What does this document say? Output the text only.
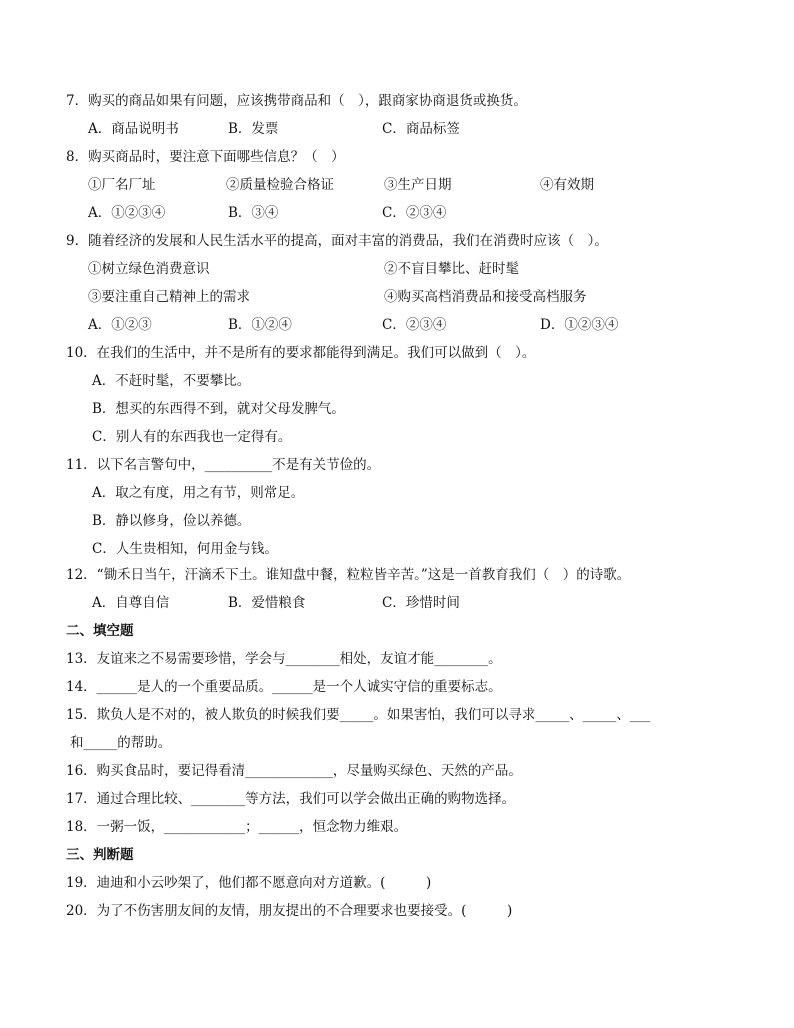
7．购买的商品如果有问题，应该携带商品和（　），跟商家协商退货或换货。
A．商品说明书	B．发票	C．商品标签
8．购买商品时，要注意下面哪些信息？（　）
①厂名厂址	②质量检验合格证	③生产日期	④有效期
A．①②③④	B．③④	C．②③④
9．随着经济的发展和人民生活水平的提高，面对丰富的消费品，我们在消费时应该（　）。
①树立绿色消费意识	②不盲目攀比、赶时髦
③要注重自己精神上的需求	④购买高档消费品和接受高档服务
A．①②③	B．①②④	C．②③④	D．①②③④
10．在我们的生活中，并不是所有的要求都能得到满足。我们可以做到（　）。
A．不赶时髦，不要攀比。
B．想买的东西得不到，就对父母发脾气。
C．别人有的东西我也一定得有。
11．以下名言警句中，__________不是有关节俭的。
A．取之有度，用之有节，则常足。
B．静以修身，俭以养德。
C．人生贵相知，何用金与钱。
12．“锄禾日当午，汗滴禾下土。谁知盘中餐，粒粒皆辛苦。”这是一首教育我们（　）的诗歌。
A．自尊自信	B．爱惜粮食	C．珍惜时间
二、填空题
13．友谊来之不易需要珍惜，学会与________相处，友谊才能________。
14．______是人的一个重要品质。______是一个人诚实守信的重要标志。
15．欺负人是不对的，被人欺负的时候我们要_____。如果害怕，我们可以寻求_____、_____、___
和_____的帮助。
16．购买食品时，要记得看清_____________，尽量购买绿色、天然的产品。
17．通过合理比较、________等方法，我们可以学会做出正确的购物选择。
18．一粥一饭，____________；______，恒念物力维艰。
三、判断题
19．迪迪和小云吵架了，他们都不愿意向对方道歉。(　　　)
20．为了不伤害朋友间的友情，朋友提出的不合理要求也要接受。(　　　)
